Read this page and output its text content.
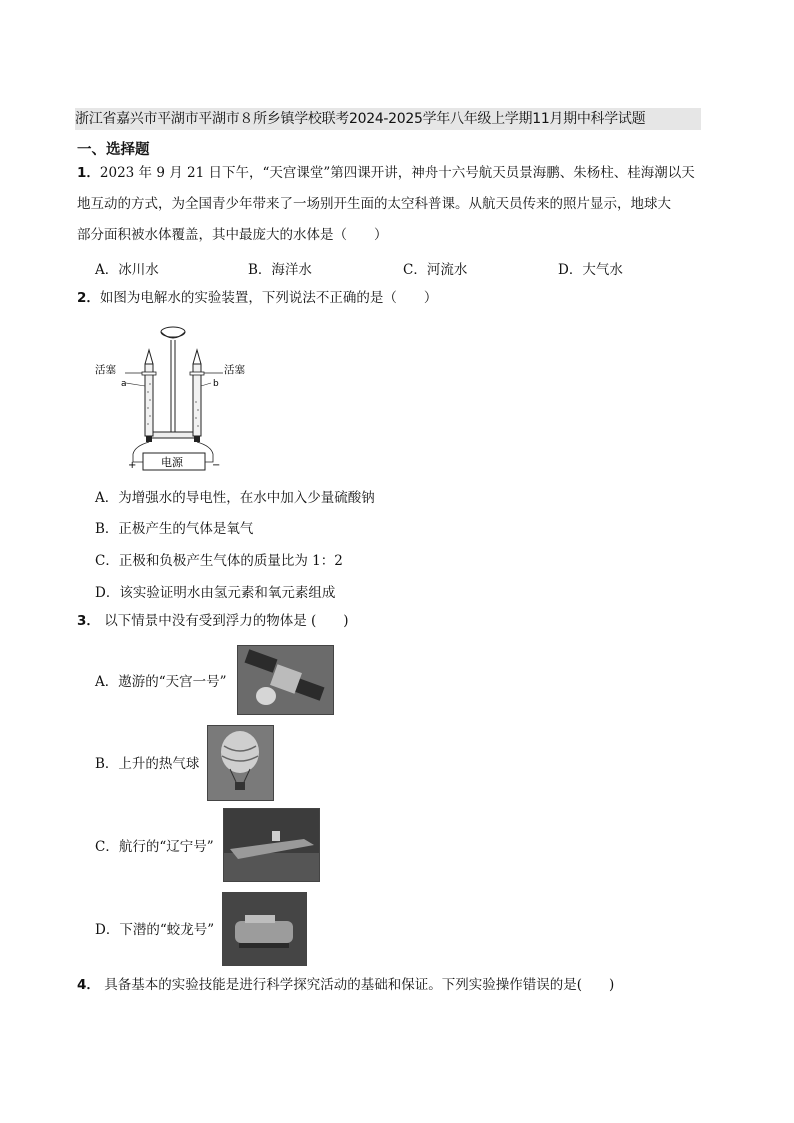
浙江省嘉兴市平湖市平湖市８所乡镇学校联考2024-2025学年八年级上学期11月期中科学试题
一、选择题
1．2023 年 9 月 21 日下午，“天宫课堂”第四课开讲，神舟十六号航天员景海鹏、朱杨柱、桂海潮以天
地互动的方式，为全国青少年带来了一场别开生面的太空科普课。从航天员传来的照片显示，地球大
部分面积被水体覆盖，其中最庞大的水体是（　　）
A．冰川水	B．海洋水	C．河流水	D．大气水
2．如图为电解水的实验装置，下列说法不正确的是（　　）
活塞	活塞
a	b
电源
+	−
A．为增强水的导电性，在水中加入少量硫酸钠
B．正极产生的气体是氧气
C．正极和负极产生气体的质量比为 1：2
D．该实验证明水由氢元素和氧元素组成
3． 以下情景中没有受到浮力的物体是 (　　)
A．遨游的“天宫一号”
B．上升的热气球
C．航行的“辽宁号”
D．下潜的“蛟龙号”
4． 具备基本的实验技能是进行科学探究活动的基础和保证。下列实验操作错误的是(　　)
